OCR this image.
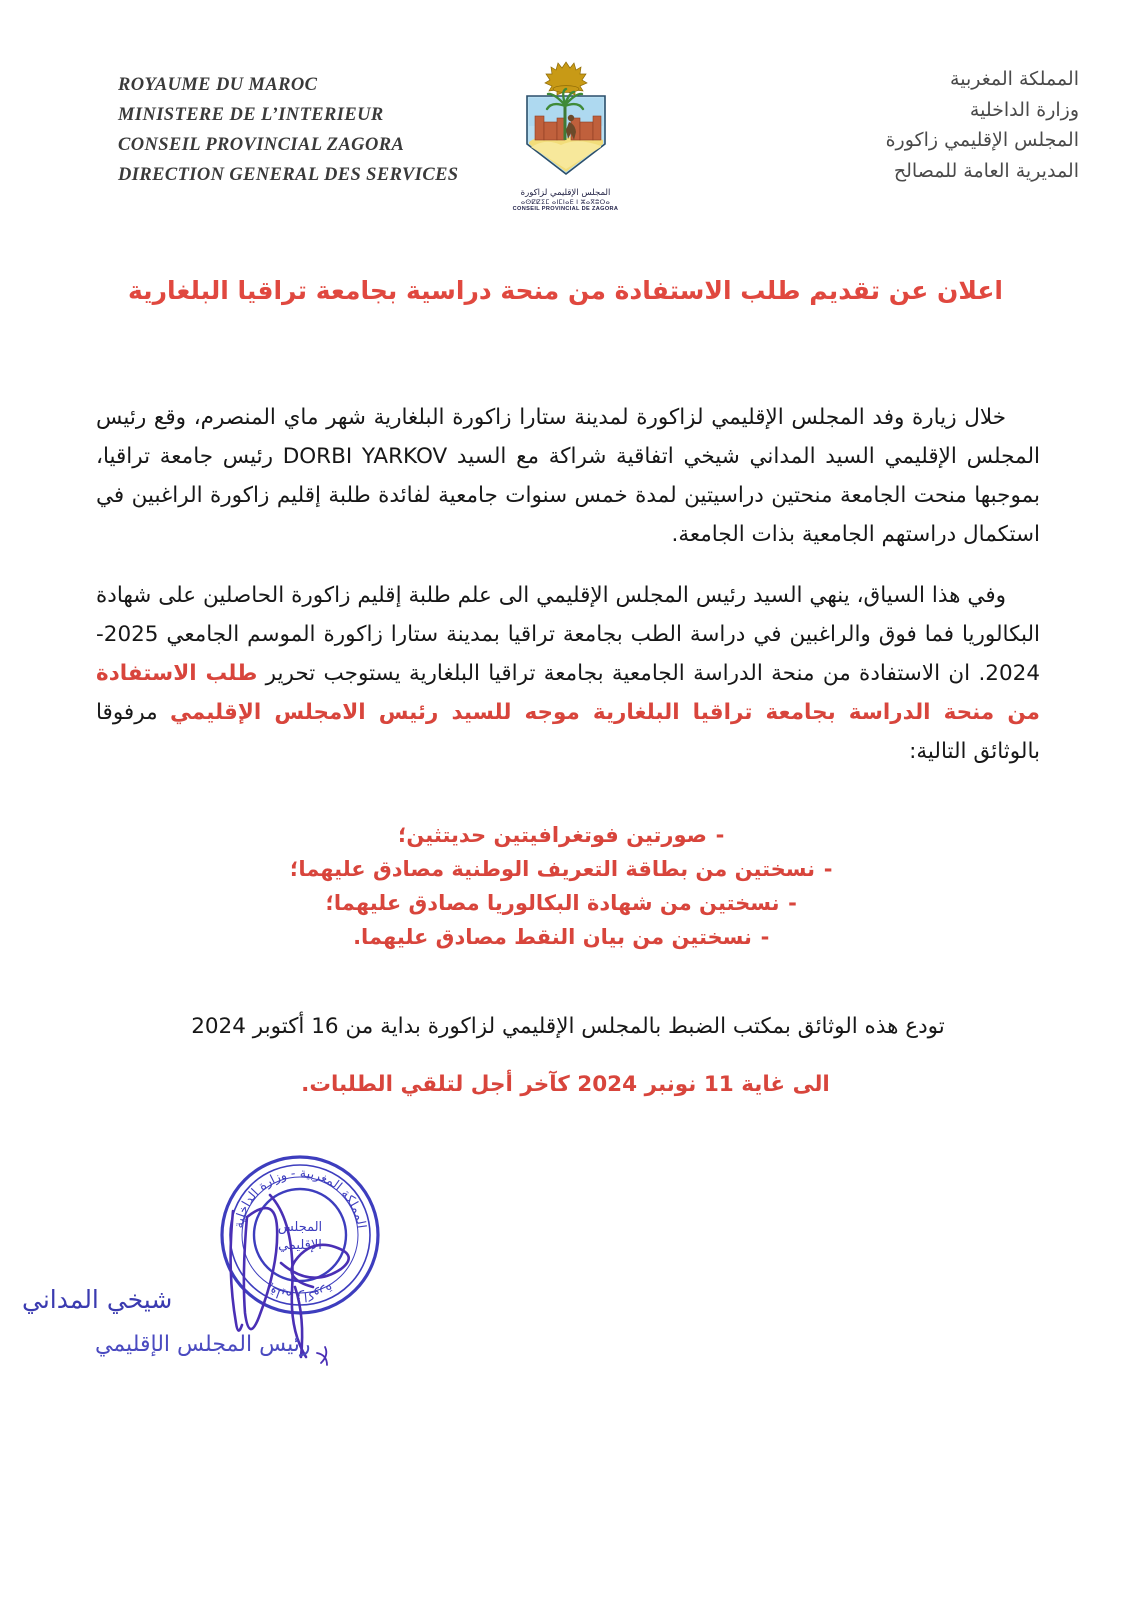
ROYAUME DU MAROC
MINISTERE DE L’INTERIEUR
CONSEIL PROVINCIAL ZAGORA
DIRECTION GENERAL DES SERVICES
المجلس الإقليمي لزاكورة
ⴰⵙⵇⵇⵉⵎ ⴰⵏⵎⵏⴰⴹ ⵏ ⵣⴰⴳⵓⵔⴰ
CONSEIL PROVINCIAL DE ZAGORA
المملكة المغربية
وزارة الداخلية
المجلس الإقليمي زاكورة
المديرية العامة للمصالح
اعلان عن تقديم طلب الاستفادة من منحة دراسية بجامعة تراقيا البلغارية

خلال زيارة وفد المجلس الإقليمي لزاكورة لمدينة ستارا زاكورة البلغارية شهر ماي المنصرم، وقع رئيس المجلس الإقليمي السيد المداني شيخي اتفاقية شراكة مع السيد DORBI YARKOV رئيس جامعة تراقيا، بموجبها منحت الجامعة منحتين دراسيتين لمدة خمس سنوات جامعية لفائدة طلبة إقليم زاكورة الراغبين في استكمال دراستهم الجامعية بذات الجامعة.

وفي هذا السياق، ينهي السيد رئيس المجلس الإقليمي الى علم طلبة إقليم زاكورة الحاصلين على شهادة البكالوريا فما فوق والراغبين في دراسة الطب بجامعة تراقيا بمدينة ستارا زاكورة الموسم الجامعي 2025-2024. ان الاستفادة من منحة الدراسة الجامعية بجامعة تراقيا البلغارية يستوجب تحرير طلب الاستفادة من منحة الدراسة بجامعة تراقيا البلغارية موجه للسيد رئيس الامجلس الإقليمي مرفوقا بالوثائق التالية:

-صورتين فوتغرافيتين حديتثين؛
-نسختين من بطاقة التعريف الوطنية مصادق عليهما؛
-نسختين من شهادة البكالوريا مصادق عليهما؛
-نسختين من بيان النقط مصادق عليهما.
تودع هذه الوثائق بمكتب الضبط بالمجلس الإقليمي لزاكورة بداية من 16 أكتوبر 2024
الى غاية 11 نونبر 2024 كآخر أجل لتلقي الطلبات.
المملكة المغربية - وزارة الداخلية
إقليم زاكورة
المجلس
الإقليمي
شيخي المداني
رئيس المجلس الإقليمي
